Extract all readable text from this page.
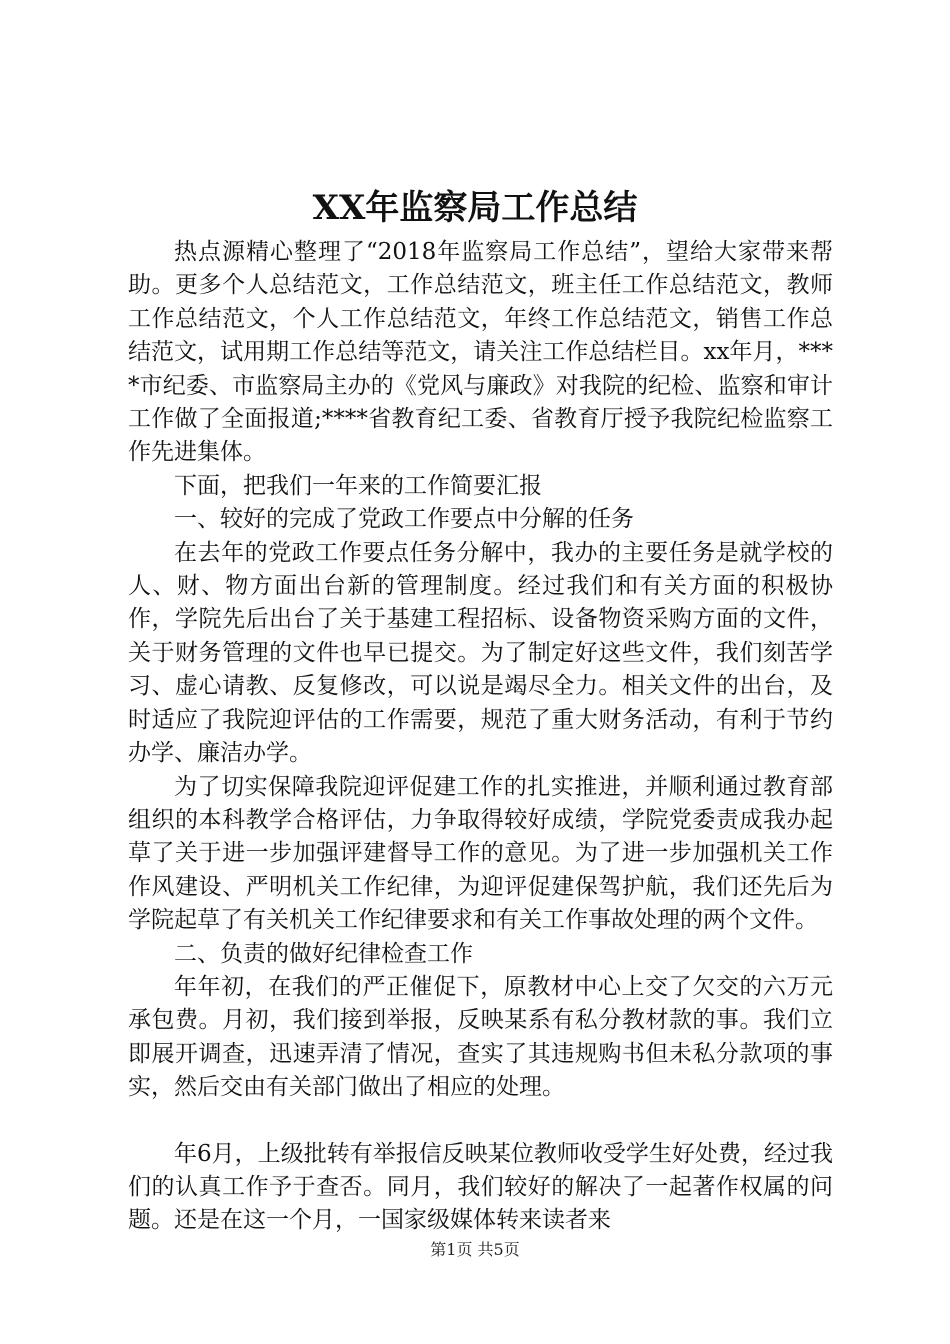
XX年监察局工作总结

热点源精心整理了“2018年监察局工作总结”，望给大家带来帮助。更多个人总结范文，工作总结范文，班主任工作总结范文，教师工作总结范文，个人工作总结范文，年终工作总结范文，销售工作总结范文，试用期工作总结等范文，请关注工作总结栏目。xx年月，****市纪委、市监察局主办的《党风与廉政》对我院的纪检、监察和审计工作做了全面报道;****省教育纪工委、省教育厅授予我院纪检监察工作先进集体。

下面，把我们一年来的工作简要汇报

一、较好的完成了党政工作要点中分解的任务

在去年的党政工作要点任务分解中，我办的主要任务是就学校的人、财、物方面出台新的管理制度。经过我们和有关方面的积极协作，学院先后出台了关于基建工程招标、设备物资采购方面的文件，关于财务管理的文件也早已提交。为了制定好这些文件，我们刻苦学习、虚心请教、反复修改，可以说是竭尽全力。相关文件的出台，及时适应了我院迎评估的工作需要，规范了重大财务活动，有利于节约办学、廉洁办学。

为了切实保障我院迎评促建工作的扎实推进，并顺利通过教育部组织的本科教学合格评估，力争取得较好成绩，学院党委责成我办起草了关于进一步加强评建督导工作的意见。为了进一步加强机关工作作风建设、严明机关工作纪律，为迎评促建保驾护航，我们还先后为学院起草了有关机关工作纪律要求和有关工作事故处理的两个文件。

二、负责的做好纪律检查工作

年年初，在我们的严正催促下，原教材中心上交了欠交的六万元承包费。月初，我们接到举报，反映某系有私分教材款的事。我们立即展开调查，迅速弄清了情况，查实了其违规购书但未私分款项的事实，然后交由有关部门做出了相应的处理。

年6月，上级批转有举报信反映某位教师收受学生好处费，经过我们的认真工作予于查否。同月，我们较好的解决了一起著作权属的问题。还是在这一个月，一国家级媒体转来读者来

第1页 共5页
